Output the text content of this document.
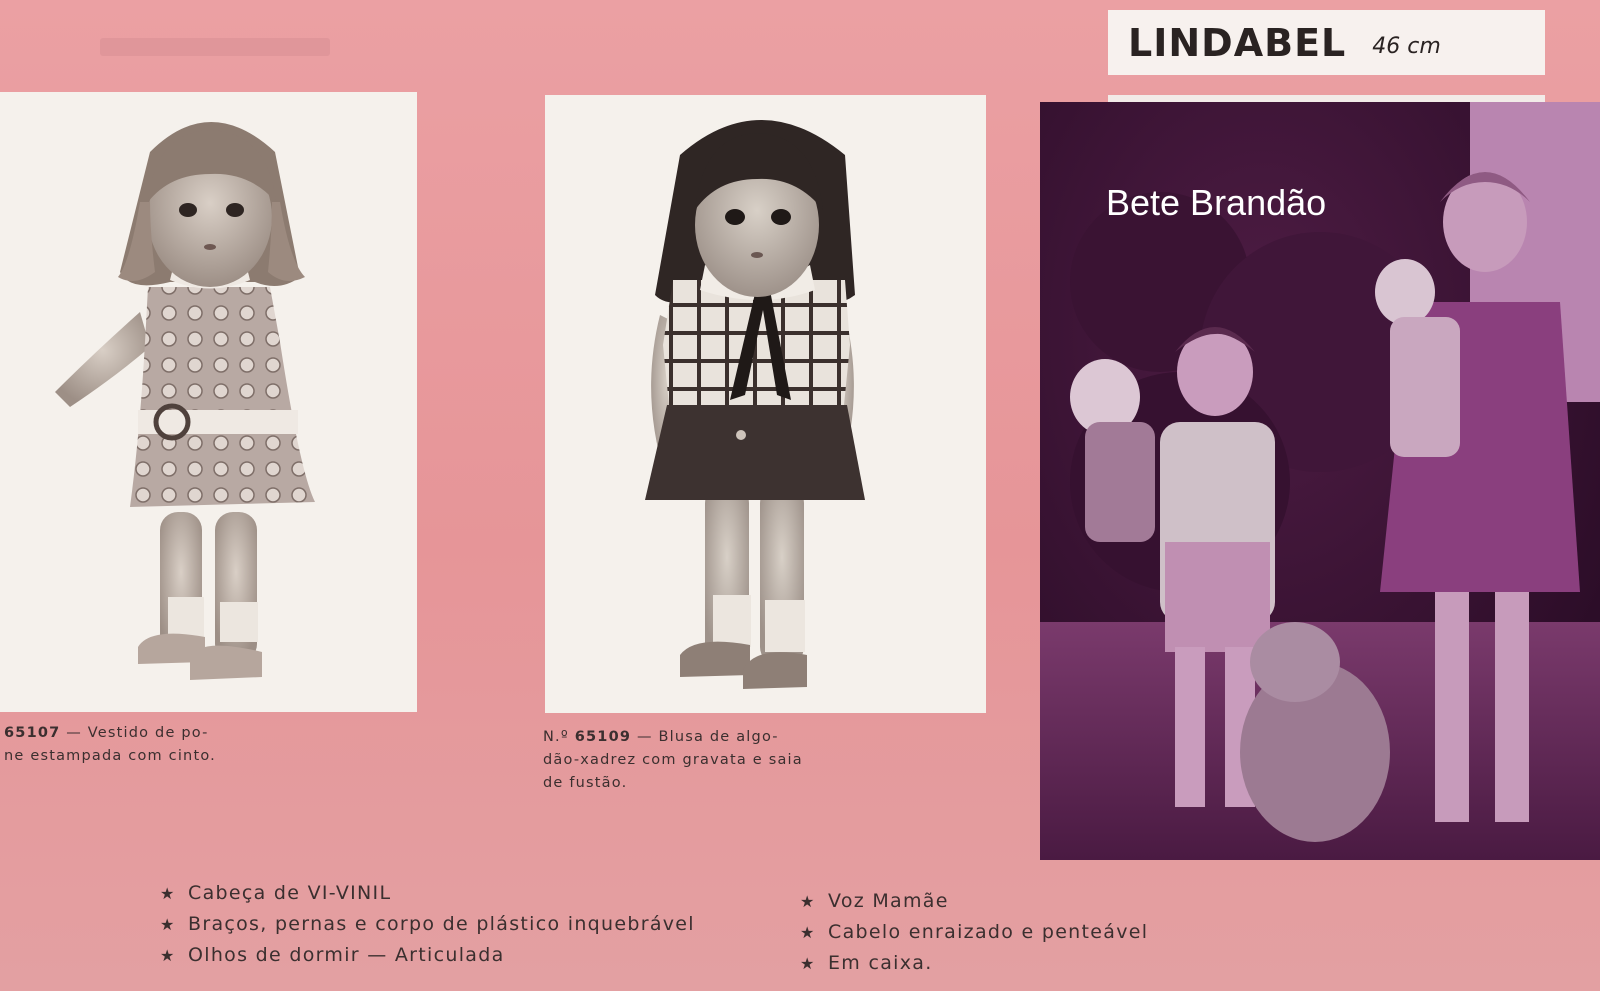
LINDABEL 46 cm
65107 — Vestido de po-
ne estampada com cinto.
N.º 65109 — Blusa de algo-
dão-xadrez com gravata e saia
de fustão.
Bete Brandão
★ Cabeça de VI-VINIL
★ Braços, pernas e corpo de plástico inquebrável
★ Olhos de dormir — Articulada
★ Voz Mamãe
★ Cabelo enraizado e penteável
★ Em caixa.
